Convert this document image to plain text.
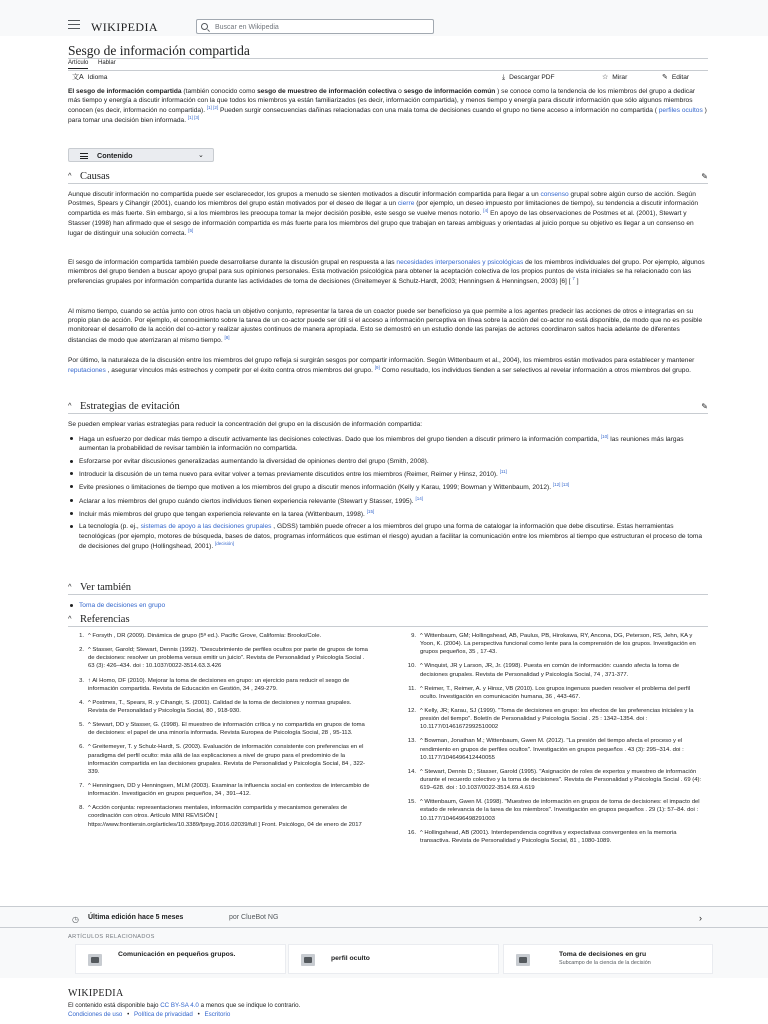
WIKIPEDIA	Buscar en Wikipedia
Sesgo de información compartida
Artículo Hablar
文A Idioma	⤓ Descargar PDF	☆ Mirar	✎ Editar
El sesgo de información compartida (también conocido como sesgo de muestreo de información colectiva o sesgo de información común ) se conoce como la tendencia de los miembros del grupo a dedicar más tiempo y energía a discutir información con la que todos los miembros ya están familiarizados (es decir, información compartida), y menos tiempo y energía para discutir información que sólo algunos miembros conocen (es decir, información no compartida). [1] [2] Pueden surgir consecuencias dañinas relacionadas con una mala toma de decisiones cuando el grupo no tiene acceso a información no compartida ( perfiles ocultos ) para tomar una decisión bien informada. [1] [3]
Contenido	⌄
^ Causas	✎
Aunque discutir información no compartida puede ser esclarecedor, los grupos a menudo se sienten motivados a discutir información compartida para llegar a un consenso grupal sobre algún curso de acción. Según Postmes, Spears y Cihangir (2001), cuando los miembros del grupo están motivados por el deseo de llegar a un cierre (por ejemplo, un deseo impuesto por limitaciones de tiempo), su tendencia a discutir información compartida es más fuerte. Sin embargo, si a los miembros les preocupa tomar la mejor decisión posible, este sesgo se vuelve menos notorio. [4] En apoyo de las observaciones de Postmes et al. (2001), Stewart y Stasser (1998) han afirmado que el sesgo de información compartida es más fuerte para los miembros del grupo que trabajan en tareas ambiguas y orientadas al juicio porque su objetivo es llegar a un consenso en lugar de distinguir una solución correcta. [5]
El sesgo de información compartida también puede desarrollarse durante la discusión grupal en respuesta a las necesidades interpersonales y psicológicas de los miembros individuales del grupo. Por ejemplo, algunos miembros del grupo tienden a buscar apoyo grupal para sus opiniones personales. Esta motivación psicológica para obtener la aceptación colectiva de los propios puntos de vista iniciales se ha relacionado con las preferencias grupales por información compartida durante las actividades de toma de decisiones (Greitemeyer & Schulz-Hardt, 2003; Henningsen & Henningsen, 2003) [6] [ $^7$ ]
Al mismo tiempo, cuando se actúa junto con otros hacia un objetivo conjunto, representar la tarea de un coactor puede ser beneficioso ya que permite a los agentes predecir las acciones de otros e integrarlas en su propio plan de acción. Por ejemplo, el conocimiento sobre la tarea de un co-actor puede ser útil si el acceso a información perceptiva en línea sobre la acción del co-actor no está disponible, de modo que no es posible monitorear el desarrollo de la acción del co-actor y realizar ajustes continuos de manera apropiada. Esto se demostró en un estudio donde las parejas de actores coordinaron saltos hacia adelante de diferentes distancias de modo que aterrizaran al mismo tiempo. [8]
Por último, la naturaleza de la discusión entre los miembros del grupo refleja si surgirán sesgos por compartir información. Según Wittenbaum et al., 2004), los miembros están motivados para establecer y mantener reputaciones , asegurar vínculos más estrechos y competir por el éxito contra otros miembros del grupo. [9] Como resultado, los individuos tienden a ser selectivos al revelar información a otros miembros del grupo.
^ Estrategias de evitación	✎
Se pueden emplear varias estrategias para reducir la concentración del grupo en la discusión de información compartida:
Haga un esfuerzo por dedicar más tiempo a discutir activamente las decisiones colectivas. Dado que los miembros del grupo tienden a discutir primero la información compartida, [10] las reuniones más largas aumentan la probabilidad de revisar también la información no compartida.
Esforzarse por evitar discusiones generalizadas aumentando la diversidad de opiniones dentro del grupo (Smith, 2008).
Introducir la discusión de un tema nuevo para evitar volver a temas previamente discutidos entre los miembros (Reimer, Reimer y Hinsz, 2010). [11]
Evite presiones o limitaciones de tiempo que motiven a los miembros del grupo a discutir menos información (Kelly y Karau, 1999; Bowman y Wittenbaum, 2012). [12] [13]
Aclarar a los miembros del grupo cuándo ciertos individuos tienen experiencia relevante (Stewart y Stasser, 1995). [14]
Incluir más miembros del grupo que tengan experiencia relevante en la tarea (Wittenbaum, 1998). [15]
La tecnología (p. ej., sistemas de apoyo a las decisiones grupales , GDSS) también puede ofrecer a los miembros del grupo una forma de catalogar la información que debe discutirse. Estas herramientas tecnológicas (por ejemplo, motores de búsqueda, bases de datos, programas informáticos que estiman el riesgo) ayudan a facilitar la comunicación entre los miembros al tiempo que estructuran el proceso de toma de decisiones del grupo (Hollingshead, 2001). [decisión]
^ Ver también
Toma de decisiones en grupo
^ Referencias
1. ^ Forsyth , DR (2009). Dinámica de grupo (5ª ed.). Pacific Grove, California: Brooks/Cole.
2. ^ Stasser, Garold; Stewart, Dennis (1992). "Descubrimiento de perfiles ocultos por parte de grupos de toma de decisiones: resolver un problema versus emitir un juicio". Revista de Personalidad y Psicología Social . 63 (3): 426–434. doi : 10.1037/0022-3514.63.3.426
3. ↑ Al Homo, DF (2010). Mejorar la toma de decisiones en grupo: un ejercicio para reducir el sesgo de información compartida. Revista de Educación en Gestión, 34 , 249-279.
4. ^ Postmes, T., Spears, R. y Cihangir, S. (2001). Calidad de la toma de decisiones y normas grupales. Revista de Personalidad y Psicología Social, 80 , 918-930.
5. ^ Stewart, DD y Stasser, G. (1998). El muestreo de información crítica y no compartida en grupos de toma de decisiones: el papel de una minoría informada. Revista Europea de Psicología Social, 28 , 95-113.
6. ^ Greitemeyer, T. y Schulz-Hardt, S. (2003). Evaluación de información consistente con preferencias en el paradigma del perfil oculto: más allá de las explicaciones a nivel de grupo para el predominio de la información compartida en las decisiones grupales. Revista de Personalidad y Psicología Social, 84 , 322-339.
7. ^ Henningsen, DD y Henningsen, MLM (2003). Examinar la influencia social en contextos de intercambio de información. Investigación en grupos pequeños, 34 , 391–412.
8. ^ Acción conjunta: representaciones mentales, información compartida y mecanismos generales de coordinación con otros. Artículo MINI REVISIÓN [ https://www.frontiersin.org/articles/10.3389/fpsyg.2016.02039/full ] Front. Psicólogo, 04 de enero de 2017
9. ^ Wittenbaum, GM; Hollingshead, AB, Paulus, PB, Hirokawa, RY, Ancona, DG, Peterson, RS, Jehn, KA y Yoon, K. (2004). La perspectiva funcional como lente para la comprensión de los grupos. Investigación en grupos pequeños, 35 , 17-43.
10. ^ Winquist, JR y Larson, JR, Jr. (1998). Puesta en común de información: cuando afecta la toma de decisiones grupales. Revista de Personalidad y Psicología Social, 74 , 371-377.
11. ^ Reimer, T., Reimer, A. y Hinsz, VB (2010). Los grupos ingenuos pueden resolver el problema del perfil oculto. Investigación en comunicación humana, 36 , 443-467.
12. ^ Kelly, JR; Karau, SJ (1999). "Toma de decisiones en grupo: los efectos de las preferencias iniciales y la presión del tiempo". Boletín de Personalidad y Psicología Social . 25 : 1342–1354. doi : 10.1177/01461672992510002
13. ^ Bowman, Jonathan M.; Wittenbaum, Gwen M. (2012). "La presión del tiempo afecta el proceso y el rendimiento en grupos de perfiles ocultos". Investigación en grupos pequeños . 43 (3): 295–314. doi : 10.1177/1046496412440055
14. ^ Stewart, Dennis D.; Stasser, Garold (1995). "Asignación de roles de expertos y muestreo de información durante el recuerdo colectivo y la toma de decisiones". Revista de Personalidad y Psicología Social . 69 (4): 619–628. doi : 10.1037/0022-3514.69.4.619
15. ^ Wittenbaum, Gwen M. (1998). "Muestreo de información en grupos de toma de decisiones: el impacto del estado de relevancia de la tarea de los miembros". Investigación en grupos pequeños . 29 (1): 57–84. doi : 10.1177/1046496498291003
16. ^ Hollingshead, AB (2001). Interdependencia cognitiva y expectativas convergentes en la memoria transactiva. Revista de Personalidad y Psicología Social, 81 , 1080-1089.
◷ Última edición hace 5 meses	por ClueBot NG	›
ARTÍCULOS RELACIONADOS
Comunicación en pequeños grupos.
perfil oculto
Toma de decisiones en gru
Subcampo de la ciencia de la decisión
WIKIPEDIA
El contenido está disponible bajo CC BY-SA 4.0 a menos que se indique lo contrario.
Condiciones de uso • Política de privacidad • Escritorio
